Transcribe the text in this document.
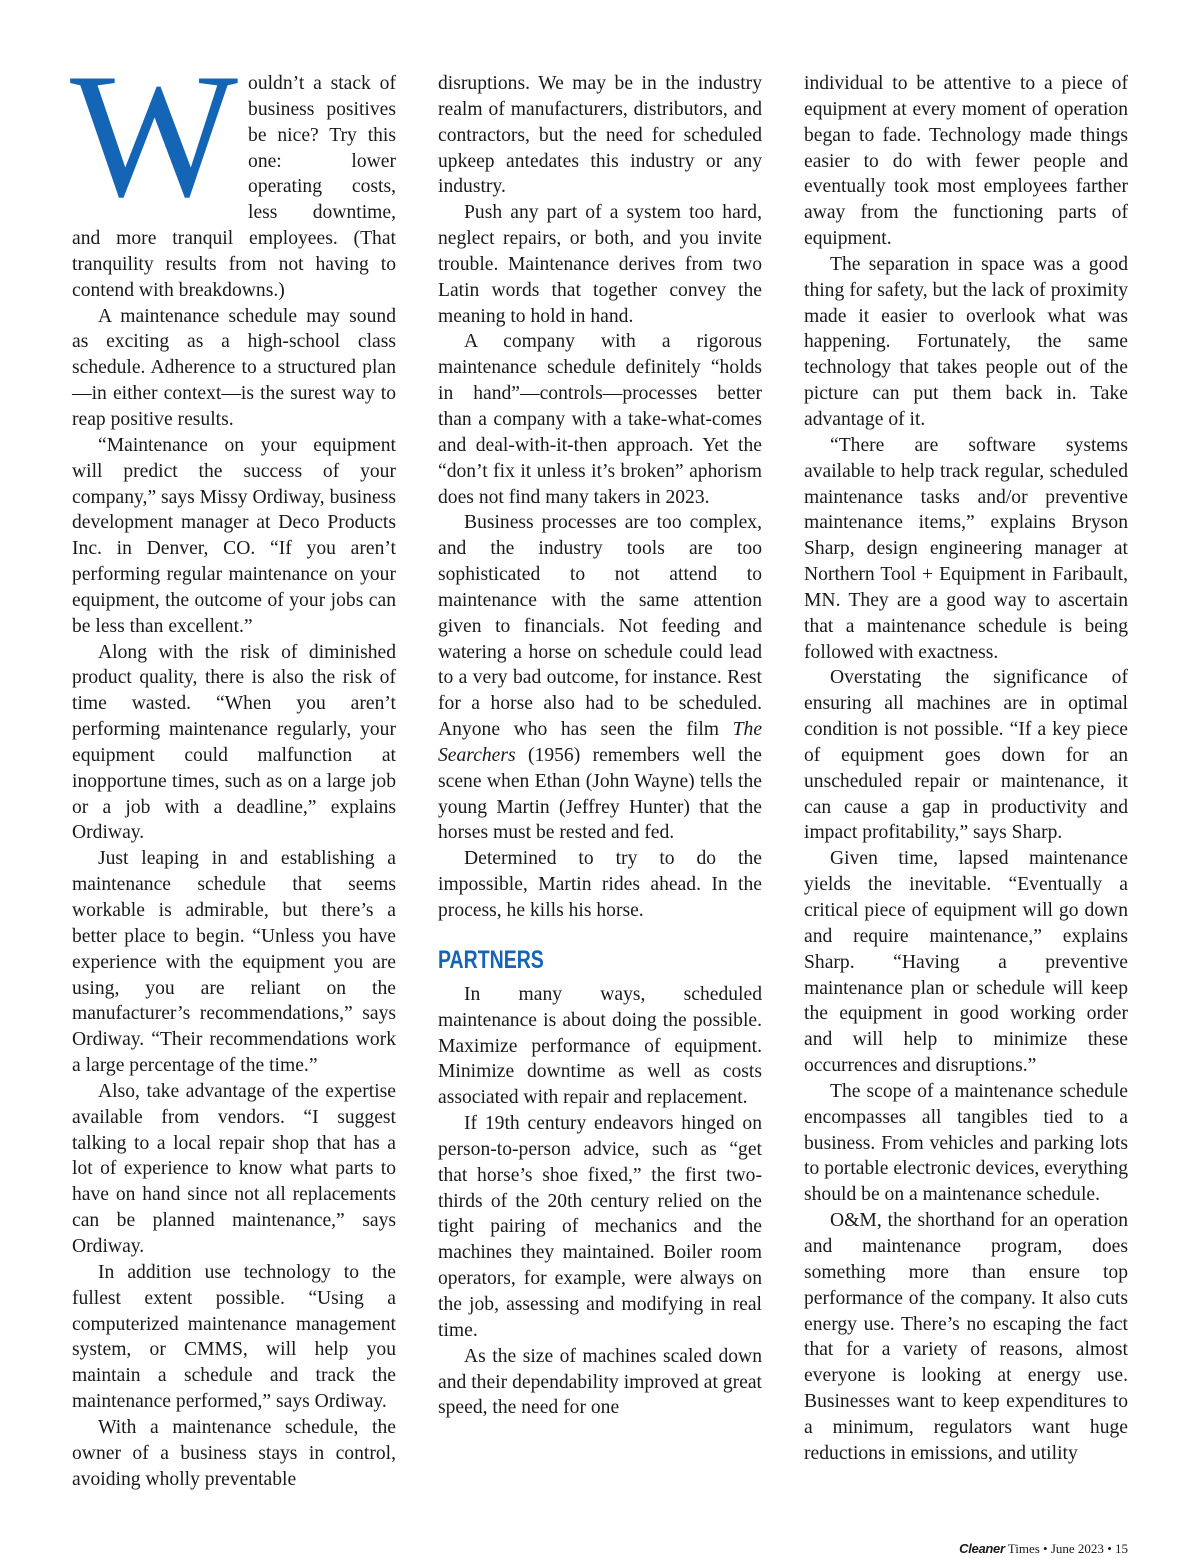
Wouldn’t a stack of business positives be nice? Try this one: lower operating costs, less downtime, and more tranquil employees. (That tranquility results from not having to contend with breakdowns.)

A maintenance schedule may sound as exciting as a high-school class schedule. Adherence to a structured plan—in either context—is the surest way to reap positive results.

“Maintenance on your equipment will predict the success of your company,” says Missy Ordiway, business development manager at Deco Products Inc. in Denver, CO. “If you aren’t performing regular maintenance on your equipment, the outcome of your jobs can be less than excellent.”

Along with the risk of diminished product quality, there is also the risk of time wasted. “When you aren’t performing maintenance regularly, your equipment could malfunction at inopportune times, such as on a large job or a job with a deadline,” explains Ordiway.

Just leaping in and establishing a maintenance schedule that seems workable is admirable, but there’s a better place to begin. “Unless you have experience with the equipment you are using, you are reliant on the manufacturer’s recommendations,” says Ordiway. “Their recommendations work a large percentage of the time.”

Also, take advantage of the expertise available from vendors. “I suggest talking to a local repair shop that has a lot of experience to know what parts to have on hand since not all replacements can be planned maintenance,” says Ordiway.

In addition use technology to the fullest extent possible. “Using a computerized maintenance management system, or CMMS, will help you maintain a schedule and track the maintenance performed,” says Ordiway.

With a maintenance schedule, the owner of a business stays in control, avoiding wholly preventable

disruptions. We may be in the industry realm of manufacturers, distributors, and contractors, but the need for scheduled upkeep antedates this industry or any industry.

Push any part of a system too hard, neglect repairs, or both, and you invite trouble. Maintenance derives from two Latin words that together convey the meaning to hold in hand.

A company with a rigorous maintenance schedule definitely “holds in hand”—controls—processes better than a company with a take-what-comes and deal-with-it-then approach. Yet the “don’t fix it unless it’s broken” aphorism does not find many takers in 2023.

Business processes are too complex, and the industry tools are too sophisticated to not attend to maintenance with the same attention given to financials. Not feeding and watering a horse on schedule could lead to a very bad outcome, for instance. Rest for a horse also had to be scheduled. Anyone who has seen the film The Searchers (1956) remembers well the scene when Ethan (John Wayne) tells the young Martin (Jeffrey Hunter) that the horses must be rested and fed.

Determined to try to do the impossible, Martin rides ahead. In the process, he kills his horse.

PARTNERS

In many ways, scheduled maintenance is about doing the possible. Maximize performance of equipment. Minimize downtime as well as costs associated with repair and replacement.

If 19th century endeavors hinged on person-to-person advice, such as “get that horse’s shoe fixed,” the first two-thirds of the 20th century relied on the tight pairing of mechanics and the machines they maintained. Boiler room operators, for example, were always on the job, assessing and modifying in real time.

As the size of machines scaled down and their dependability improved at great speed, the need for one

individual to be attentive to a piece of equipment at every moment of operation began to fade. Technology made things easier to do with fewer people and eventually took most employees farther away from the functioning parts of equipment.

The separation in space was a good thing for safety, but the lack of proximity made it easier to overlook what was happening. Fortunately, the same technology that takes people out of the picture can put them back in. Take advantage of it.

“There are software systems available to help track regular, scheduled maintenance tasks and/or preventive maintenance items,” explains Bryson Sharp, design engineering manager at Northern Tool + Equipment in Faribault, MN. They are a good way to ascertain that a maintenance schedule is being followed with exactness.

Overstating the significance of ensuring all machines are in optimal condition is not possible. “If a key piece of equipment goes down for an unscheduled repair or maintenance, it can cause a gap in productivity and impact profitability,” says Sharp.

Given time, lapsed maintenance yields the inevitable. “Eventually a critical piece of equipment will go down and require maintenance,” explains Sharp. “Having a preventive maintenance plan or schedule will keep the equipment in good working order and will help to minimize these occurrences and disruptions.”

The scope of a maintenance schedule encompasses all tangibles tied to a business. From vehicles and parking lots to portable electronic devices, everything should be on a maintenance schedule.

O&M, the shorthand for an operation and maintenance program, does something more than ensure top performance of the company. It also cuts energy use. There’s no escaping the fact that for a variety of reasons, almost everyone is looking at energy use. Businesses want to keep expenditures to a minimum, regulators want huge reductions in emissions, and utility

Cleaner Times • June 2023 • 15
